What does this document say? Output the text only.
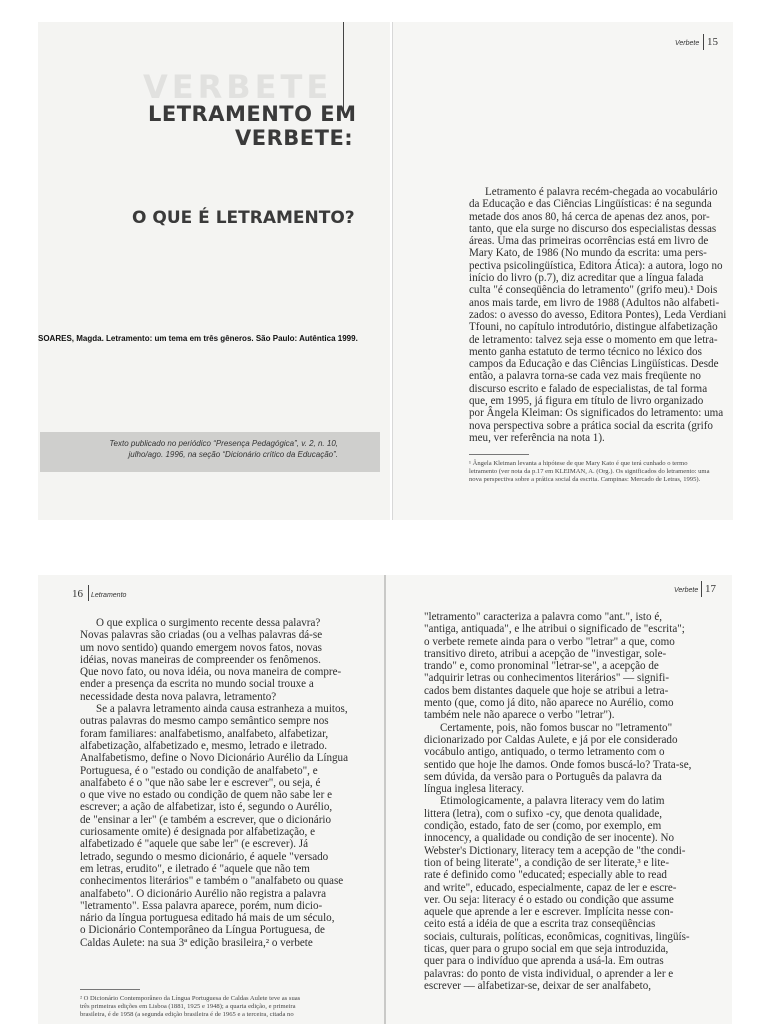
VERBETE
LETRAMENTO EM
VERBETE:
O QUE É LETRAMENTO?
SOARES, Magda. Letramento: um tema em três gêneros. São Paulo: Autêntica 1999.
Texto publicado no periódico “Presença Pedagógica”, v. 2, n. 10,
julho/ago. 1996, na seção “Dicionário crítico da Educação”.
Verbete 15
Letramento é palavra recém-chegada ao vocabulário
da Educação e das Ciências Lingüísticas: é na segunda
metade dos anos 80, há cerca de apenas dez anos, por-
tanto, que ela surge no discurso dos especialistas dessas
áreas. Uma das primeiras ocorrências está em livro de
Mary Kato, de 1986 (No mundo da escrita: uma pers-
pectiva psicolingüística, Editora Ática): a autora, logo no
início do livro (p.7), diz acreditar que a língua falada
culta "é conseqüência do letramento" (grifo meu).¹ Dois
anos mais tarde, em livro de 1988 (Adultos não alfabeti-
zados: o avesso do avesso, Editora Pontes), Leda Verdiani
Tfouni, no capítulo introdutório, distingue alfabetização
de letramento: talvez seja esse o momento em que letra-
mento ganha estatuto de termo técnico no léxico dos
campos da Educação e das Ciências Lingüísticas. Desde
então, a palavra torna-se cada vez mais freqüente no
discurso escrito e falado de especialistas, de tal forma
que, em 1995, já figura em título de livro organizado
por Ângela Kleiman: Os significados do letramento: uma
nova perspectiva sobre a prática social da escrita (grifo
meu, ver referência na nota 1).
¹ Ângela Kleiman levanta a hipótese de que Mary Kato é que terá cunhado o termo
letramento (ver nota da p.17 em KLEIMAN, A. (Org.). Os significados do letramento: uma
nova perspectiva sobre a prática social da escrita. Campinas: Mercado de Letras, 1995).
16 Letramento
O que explica o surgimento recente dessa palavra?
Novas palavras são criadas (ou a velhas palavras dá-se
um novo sentido) quando emergem novos fatos, novas
idéias, novas maneiras de compreender os fenômenos.
Que novo fato, ou nova idéia, ou nova maneira de compre-
ender a presença da escrita no mundo social trouxe a
necessidade desta nova palavra, letramento?
Se a palavra letramento ainda causa estranheza a muitos,
outras palavras do mesmo campo semântico sempre nos
foram familiares: analfabetismo, analfabeto, alfabetizar,
alfabetização, alfabetizado e, mesmo, letrado e iletrado.
Analfabetismo, define o Novo Dicionário Aurélio da Língua
Portuguesa, é o "estado ou condição de analfabeto", e
analfabeto é o "que não sabe ler e escrever", ou seja, é
o que vive no estado ou condição de quem não sabe ler e
escrever; a ação de alfabetizar, isto é, segundo o Aurélio,
de "ensinar a ler" (e também a escrever, que o dicionário
curiosamente omite) é designada por alfabetização, e
alfabetizado é "aquele que sabe ler" (e escrever). Já
letrado, segundo o mesmo dicionário, é aquele "versado
em letras, erudito", e iletrado é "aquele que não tem
conhecimentos literários" e também o "analfabeto ou quase
analfabeto". O dicionário Aurélio não registra a palavra
"letramento". Essa palavra aparece, porém, num dicio-
nário da língua portuguesa editado há mais de um século,
o Dicionário Contemporâneo da Língua Portuguesa, de
Caldas Aulete: na sua 3ª edição brasileira,² o verbete
² O Dicionário Contemporâneo da Língua Portuguesa de Caldas Aulete teve as suas
três primeiras edições em Lisboa (1881, 1925 e 1948); a quarta edição, e primeira
brasileira, é de 1958 (a segunda edição brasileira é de 1965 e a terceira, citada no
Verbete 17
"letramento" caracteriza a palavra como "ant.", isto é,
"antiga, antiquada", e lhe atribui o significado de "escrita";
o verbete remete ainda para o verbo "letrar" a que, como
transitivo direto, atribui a acepção de "investigar, sole-
trando" e, como pronominal "letrar-se", a acepção de
"adquirir letras ou conhecimentos literários" — signifi-
cados bem distantes daquele que hoje se atribui a letra-
mento (que, como já dito, não aparece no Aurélio, como
também nele não aparece o verbo "letrar").
Certamente, pois, não fomos buscar no "letramento"
dicionarizado por Caldas Aulete, e já por ele considerado
vocábulo antigo, antiquado, o termo letramento com o
sentido que hoje lhe damos. Onde fomos buscá-lo? Trata-se,
sem dúvida, da versão para o Português da palavra da
língua inglesa literacy.
Etimologicamente, a palavra literacy vem do latim
littera (letra), com o sufixo -cy, que denota qualidade,
condição, estado, fato de ser (como, por exemplo, em
innocency, a qualidade ou condição de ser inocente). No
Webster's Dictionary, literacy tem a acepção de "the condi-
tion of being literate", a condição de ser literate,³ e lite-
rate é definido como "educated; especially able to read
and write", educado, especialmente, capaz de ler e escre-
ver. Ou seja: literacy é o estado ou condição que assume
aquele que aprende a ler e escrever. Implícita nesse con-
ceito está a idéia de que a escrita traz conseqüências
sociais, culturais, políticas, econômicas, cognitivas, lingüís-
ticas, quer para o grupo social em que seja introduzida,
quer para o indivíduo que aprenda a usá-la. Em outras
palavras: do ponto de vista individual, o aprender a ler e
escrever — alfabetizar-se, deixar de ser analfabeto,
